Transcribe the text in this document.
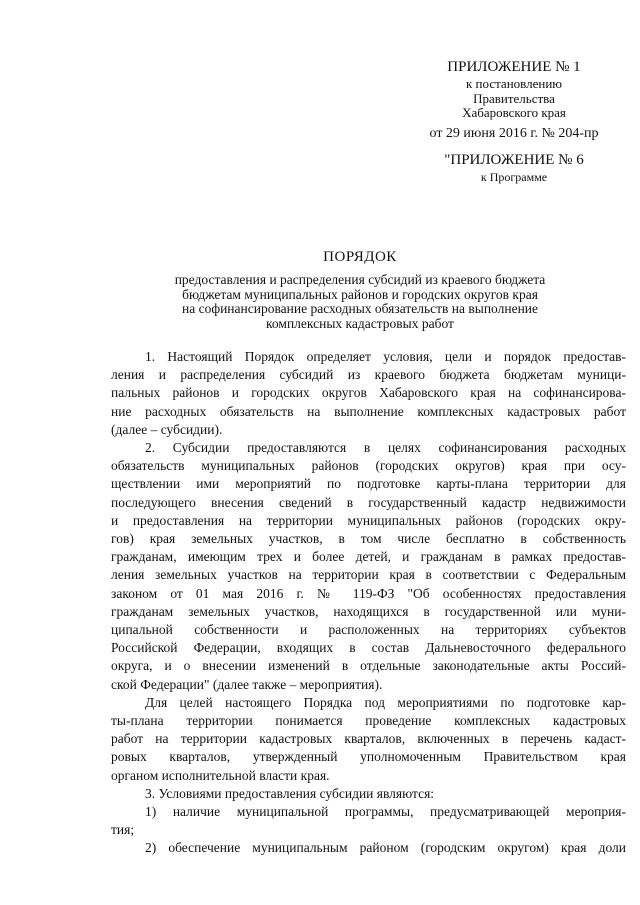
ПРИЛОЖЕНИЕ № 1
к постановлению
Правительства
Хабаровского края
от 29 июня 2016 г. № 204-пр
"ПРИЛОЖЕНИЕ № 6
к Программе
ПОРЯДОК
предоставления и распределения субсидий из краевого бюджета
бюджетам муниципальных районов и городских округов края
на софинансирование расходных обязательств на выполнение
комплексных кадастровых работ
1. Настоящий Порядок определяет условия, цели и порядок предостав-
ления и распределения субсидий из краевого бюджета бюджетам муници-
пальных районов и городских округов Хабаровского края на софинансирова-
ние расходных обязательств на выполнение комплексных кадастровых работ
(далее – субсидии).
2. Субсидии предоставляются в целях софинансирования расходных
обязательств муниципальных районов (городских округов) края при осу-
ществлении ими мероприятий по подготовке карты-плана территории для
последующего внесения сведений в государственный кадастр недвижимости
и предоставления на территории муниципальных районов (городских окру-
гов) края земельных участков, в том числе бесплатно в собственность
гражданам, имеющим трех и более детей, и гражданам в рамках предостав-
ления земельных участков на территории края в соответствии с Федеральным
законом от 01 мая 2016 г. № 119-ФЗ "Об особенностях предоставления
гражданам земельных участков, находящихся в государственной или муни-
ципальной собственности и расположенных на территориях субъектов
Российской Федерации, входящих в состав Дальневосточного федерального
округа, и о внесении изменений в отдельные законодательные акты Россий-
ской Федерации" (далее также – мероприятия).
Для целей настоящего Порядка под мероприятиями по подготовке кар-
ты-плана территории понимается проведение комплексных кадастровых
работ на территории кадастровых кварталов, включенных в перечень кадаст-
ровых кварталов, утвержденный уполномоченным Правительством края
органом исполнительной власти края.
3. Условиями предоставления субсидии являются:
1) наличие муниципальной программы, предусматривающей мероприя-
тия;
2) обеспечение муниципальным районом (городским округом) края доли
